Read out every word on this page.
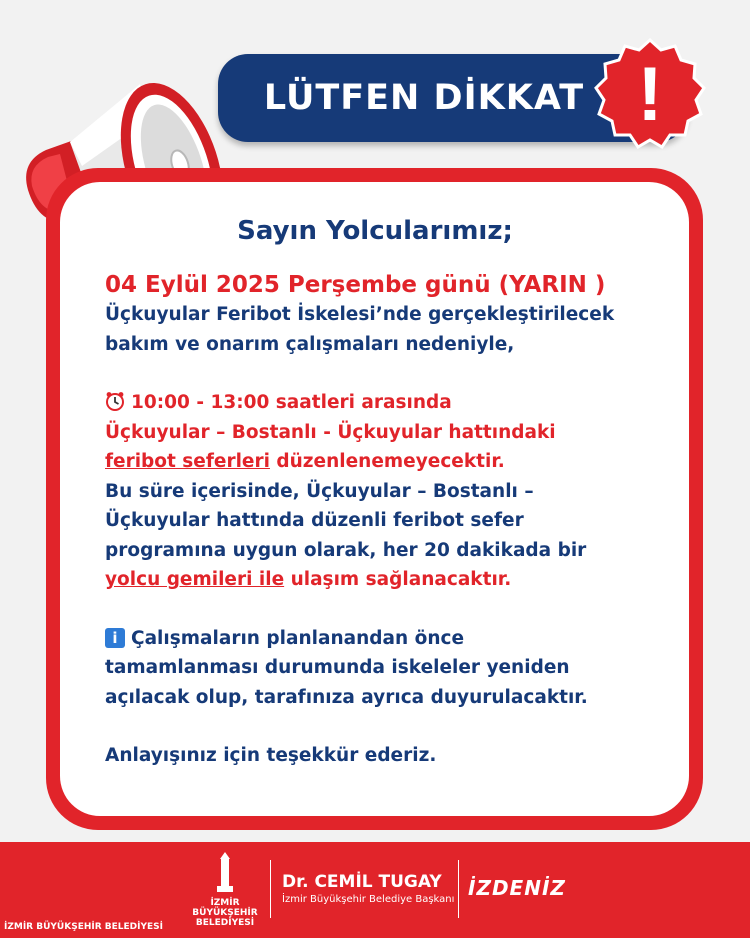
LÜTFEN DİKKAT !
Sayın Yolcularımız;
04 Eylül 2025 Perşembe günü (YARIN )
Üçkuyular Feribot İskelesi’nde gerçekleştirilecek
bakım ve onarım çalışmaları nedeniyle,
10:00 - 13:00 saatleri arasında
Üçkuyular – Bostanlı - Üçkuyular hattındaki
feribot seferleri düzenlenemeyecektir.
Bu süre içerisinde, Üçkuyular – Bostanlı –
Üçkuyular hattında düzenli feribot sefer
programına uygun olarak, her 20 dakikada bir
yolcu gemileri ile ulaşım sağlanacaktır.
i Çalışmaların planlanandan önce
tamamlanması durumunda iskeleler yeniden
açılacak olup, tarafınıza ayrıca duyurulacaktır.
Anlayışınız için teşekkür ederiz.
İZMİR
BÜYÜKŞEHİR
BELEDİYESİ
Dr. CEMİL TUGAY
İzmir Büyükşehir Belediye Başkanı İZDENİZ
İZMİR BÜYÜKŞEHİR BELEDİYESİ
